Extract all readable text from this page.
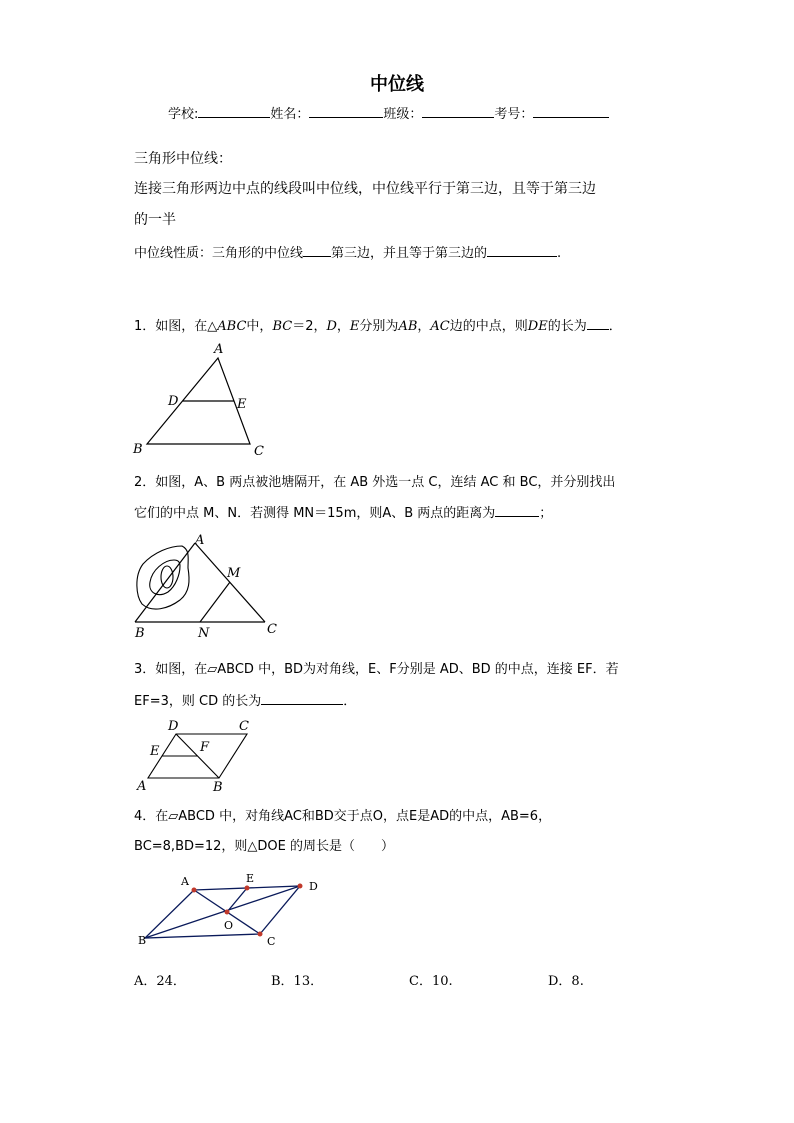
中位线
学校:	姓名：	班级：	考号：
三角形中位线：
连接三角形两边中点的线段叫中位线，中位线平行于第三边，且等于第三边
的一半
中位线性质：三角形的中位线 第三边，并且等于第三边的	.
1．如图，在△ABC中，BC＝2，D，E分别为AB，AC边的中点，则DE的长为 ．
A
D	E
B	C
2．如图，A、B 两点被池塘隔开，在 AB 外选一点 C，连结 AC 和 BC，并分别找出
它们的中点 M、N．若测得 MN＝15m，则A、B 两点的距离为	；
A
M
B	N	C
3．如图，在▱ABCD 中，BD为对角线，E、F分别是 AD、BD 的中点，连接 EF．若
EF=3，则 CD 的长为	．
D	C
E	F
A	B
4．在▱ABCD 中，对角线AC和BD交于点O，点E是AD的中点，AB=6，
BC=8,BD=12，则△DOE 的周长是（　　）
A	E
D
O
B	C
A．24．	B．13．	C．10.	D．8.
